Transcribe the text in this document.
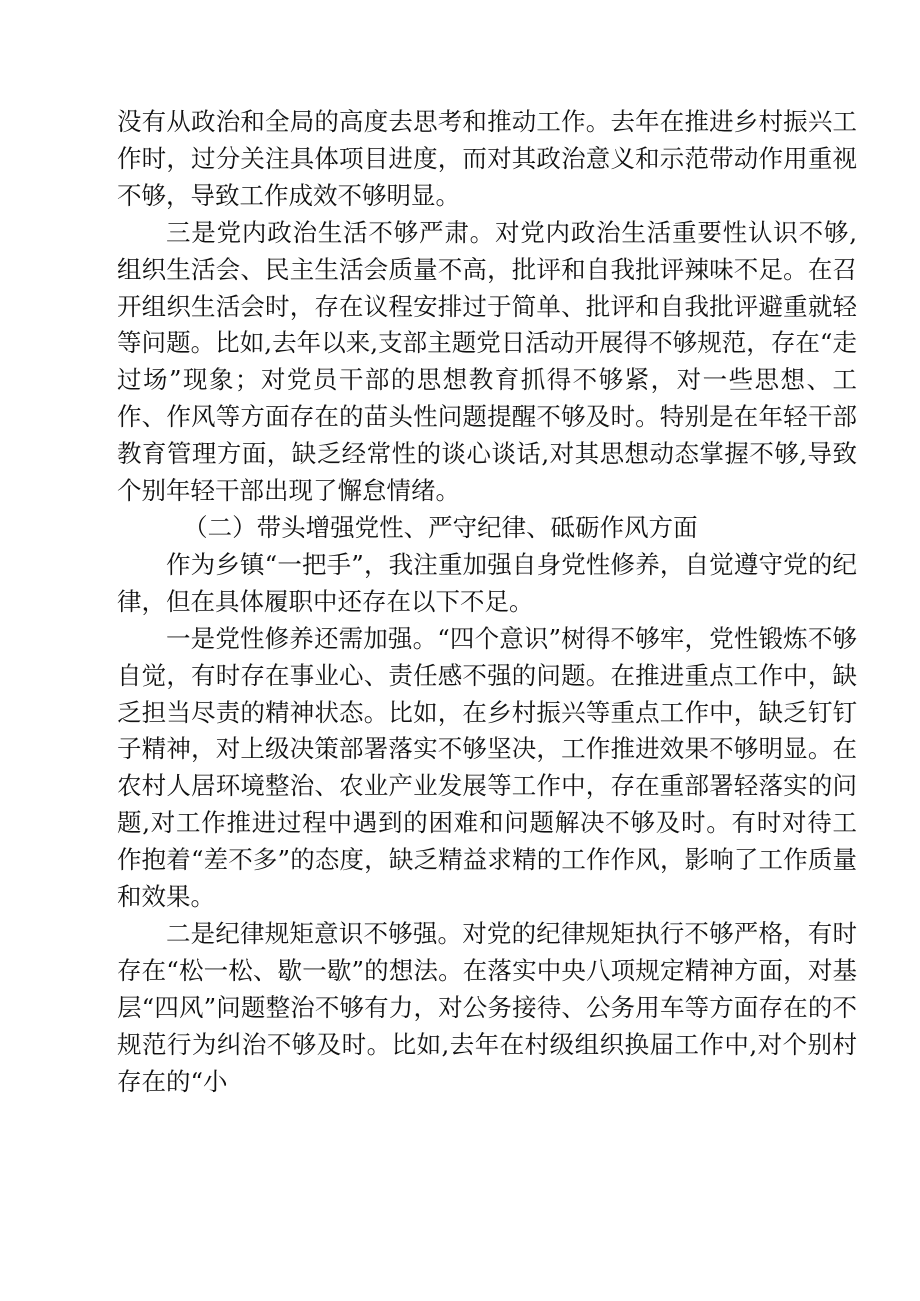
没有从政治和全局的高度去思考和推动工作。去年在推进乡村振兴工作时，过分关注具体项目进度，而对其政治意义和示范带动作用重视不够，导致工作成效不够明显。

三是党内政治生活不够严肃。对党内政治生活重要性认识不够,组织生活会、民主生活会质量不高，批评和自我批评辣味不足。在召开组织生活会时，存在议程安排过于简单、批评和自我批评避重就轻等问题。比如,去年以来,支部主题党日活动开展得不够规范，存在“走过场”现象；对党员干部的思想教育抓得不够紧，对一些思想、工作、作风等方面存在的苗头性问题提醒不够及时。特别是在年轻干部教育管理方面，缺乏经常性的谈心谈话,对其思想动态掌握不够,导致个别年轻干部出现了懈怠情绪。

（二）带头增强党性、严守纪律、砥砺作风方面

作为乡镇“一把手”，我注重加强自身党性修养，自觉遵守党的纪律，但在具体履职中还存在以下不足。

一是党性修养还需加强。“四个意识”树得不够牢，党性锻炼不够自觉，有时存在事业心、责任感不强的问题。在推进重点工作中，缺乏担当尽责的精神状态。比如，在乡村振兴等重点工作中，缺乏钉钉子精神，对上级决策部署落实不够坚决，工作推进效果不够明显。在农村人居环境整治、农业产业发展等工作中，存在重部署轻落实的问题,对工作推进过程中遇到的困难和问题解决不够及时。有时对待工作抱着“差不多”的态度，缺乏精益求精的工作作风，影响了工作质量和效果。

二是纪律规矩意识不够强。对党的纪律规矩执行不够严格，有时存在“松一松、歇一歇”的想法。在落实中央八项规定精神方面，对基层“四风”问题整治不够有力，对公务接待、公务用车等方面存在的不规范行为纠治不够及时。比如,去年在村级组织换届工作中,对个别村存在的“小
